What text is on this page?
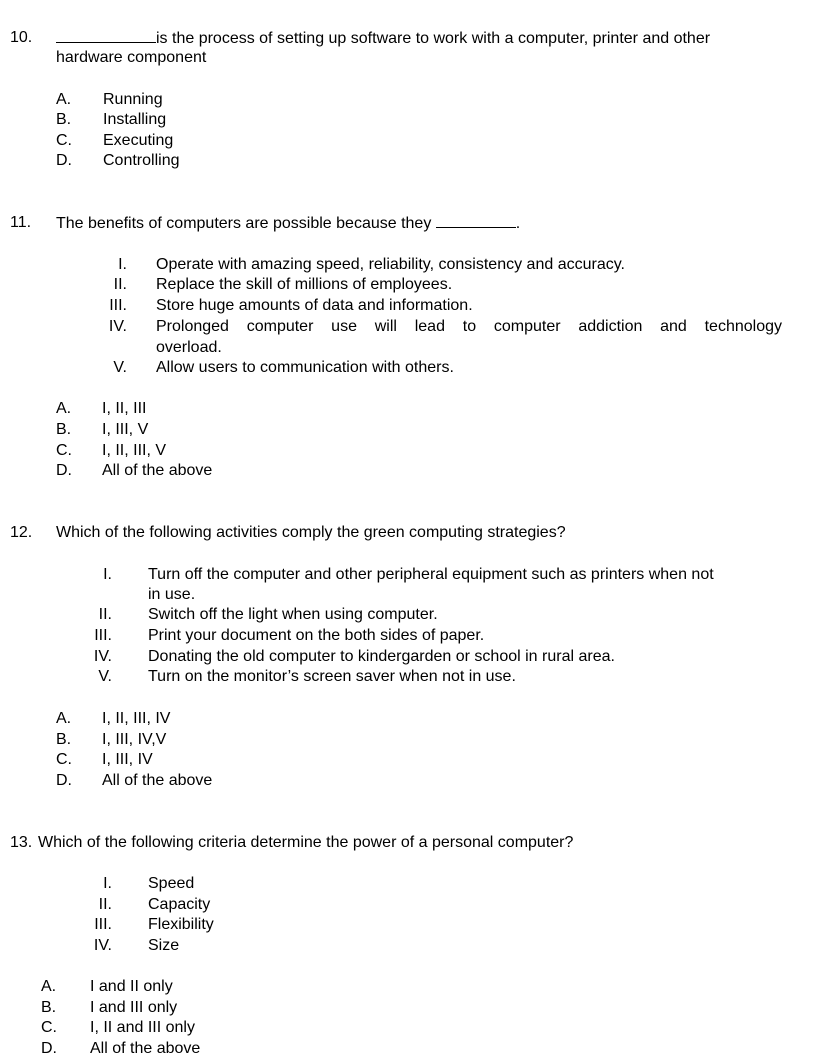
10.	is the process of setting up software to work with a computer, printer and other
hardware component
A. Running
B. Installing
C. Executing
D. Controlling
11. The benefits of computers are possible because they	.
I. Operate with amazing speed, reliability, consistency and accuracy.
II. Replace the skill of millions of employees.
III. Store huge amounts of data and information.
IV. Prolonged computer use will lead to computer addiction and technology
overload.
V. Allow users to communication with others.
A. I, II, III
B. I, III, V
C. I, II, III, V
D. All of the above
12. Which of the following activities comply the green computing strategies?
I. Turn off the computer and other peripheral equipment such as printers when not
in use.
II. Switch off the light when using computer.
III. Print your document on the both sides of paper.
IV. Donating the old computer to kindergarden or school in rural area.
V. Turn on the monitor’s screen saver when not in use.
A. I, II, III, IV
B. I, III, IV,V
C. I, III, IV
D. All of the above
13. Which of the following criteria determine the power of a personal computer?
I. Speed
II. Capacity
III. Flexibility
IV. Size
A. I and II only
B. I and III only
C. I, II and III only
D. All of the above
